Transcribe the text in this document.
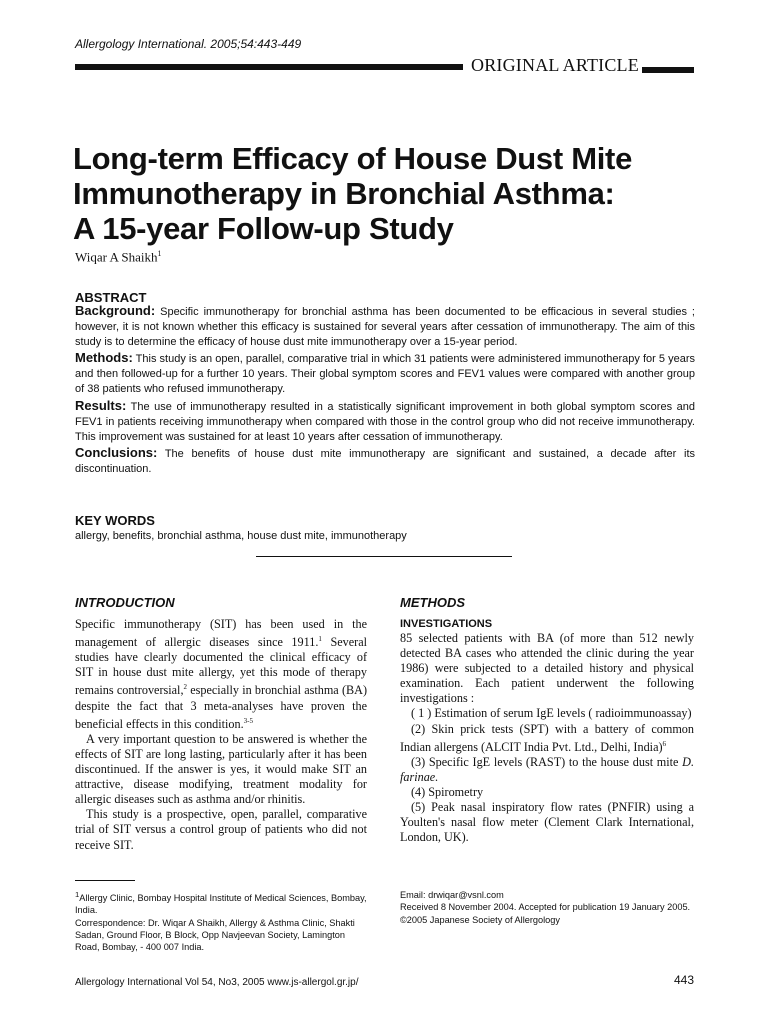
Allergology International. 2005;54:443-449
ORIGINAL ARTICLE
Long-term Efficacy of House Dust Mite
Immunotherapy in Bronchial Asthma:
A 15-year Follow-up Study
Wiqar A Shaikh$^1$
ABSTRACT

Background: Specific immunotherapy for bronchial asthma has been documented to be efficacious in several studies ; however, it is not known whether this efficacy is sustained for several years after cessation of immunotherapy. The aim of this study is to determine the efficacy of house dust mite immunotherapy over a 15-year period.

Methods: This study is an open, parallel, comparative trial in which 31 patients were administered immunotherapy for 5 years and then followed-up for a further 10 years. Their global symptom scores and FEV1 values were compared with another group of 38 patients who refused immunotherapy.

Results: The use of immunotherapy resulted in a statistically significant improvement in both global symptom scores and FEV1 in patients receiving immunotherapy when compared with those in the control group who did not receive immunotherapy. This improvement was sustained for at least 10 years after cessation of immunotherapy.

Conclusions: The benefits of house dust mite immunotherapy are significant and sustained, a decade after its discontinuation.

KEY WORDS
allergy, benefits, bronchial asthma, house dust mite, immunotherapy
INTRODUCTION

Specific immunotherapy (SIT) has been used in the management of allergic diseases since 1911.$^1$ Several studies have clearly documented the clinical efficacy of SIT in house dust mite allergy, yet this mode of therapy remains controversial,$^2$ especially in bronchial asthma (BA) despite the fact that 3 meta-analyses have proven the beneficial effects in this condition.$^{3-5}$

A very important question to be answered is whether the effects of SIT are long lasting, particularly after it has been discontinued. If the answer is yes, it would make SIT an attractive, disease modifying, treatment modality for allergic diseases such as asthma and/or rhinitis.

This study is a prospective, open, parallel, comparative trial of SIT versus a control group of patients who did not receive SIT.

METHODS
INVESTIGATIONS

85 selected patients with BA (of more than 512 newly detected BA cases who attended the clinic during the year 1986) were subjected to a detailed history and physical examination. Each patient underwent the following investigations :

( 1 ) Estimation of serum IgE levels ( radioimmunoassay)

(2) Skin prick tests (SPT) with a battery of common Indian allergens (ALCIT India Pvt. Ltd., Delhi, India)$^6$

(3) Specific IgE levels (RAST) to the house dust mite D. farinae.

(4) Spirometry

(5) Peak nasal inspiratory flow rates (PNFIR) using a Youlten's nasal flow meter (Clement Clark International, London, UK).

$^1$Allergy Clinic, Bombay Hospital Institute of Medical Sciences, Bombay, India.

Correspondence: Dr. Wiqar A Shaikh, Allergy & Asthma Clinic, Shakti Sadan, Ground Floor, B Block, Opp Navjeevan Society, Lamington Road, Bombay, - 400 007 India.

Email: drwiqar@vsnl.com

Received 8 November 2004. Accepted for publication 19 January 2005.

©2005 Japanese Society of Allergology

Allergology International Vol 54, No3, 2005 www.js-allergol.gr.jp/	443
